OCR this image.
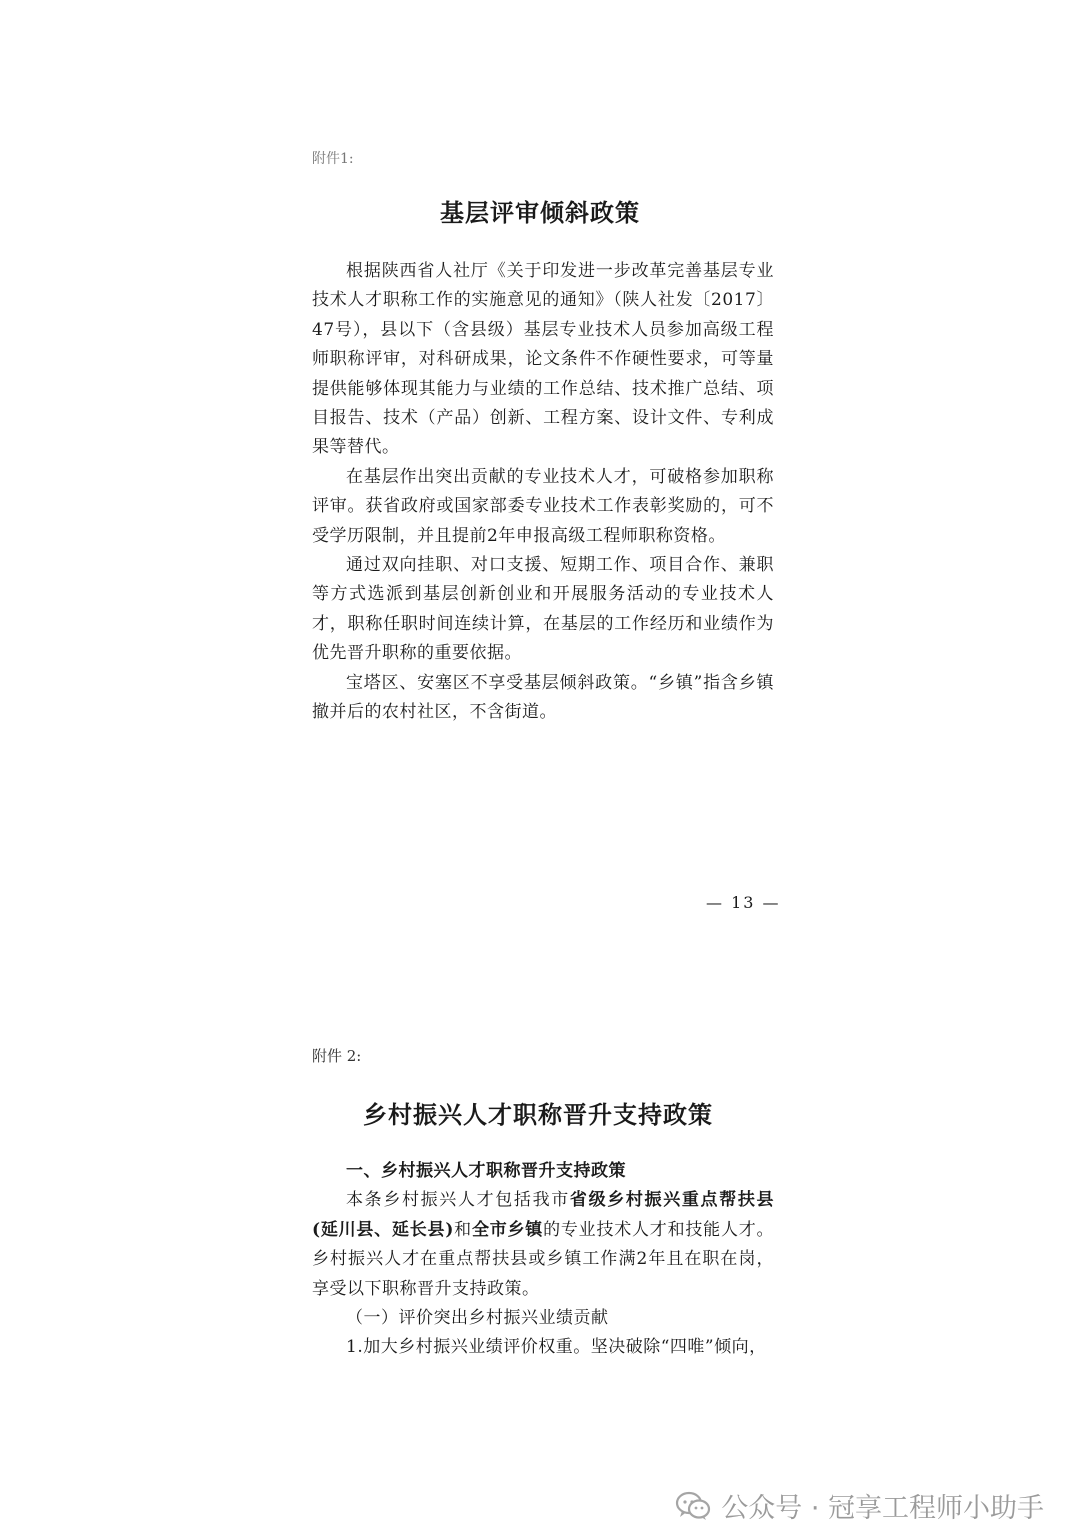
附件1:
基层评审倾斜政策

根据陕西省人社厅《关于印发进一步改革完善基层专业技术人才职称工作的实施意见的通知》（陕人社发〔2017〕47号），县以下（含县级）基层专业技术人员参加高级工程师职称评审，对科研成果，论文条件不作硬性要求，可等量提供能够体现其能力与业绩的工作总结、技术推广总结、项目报告、技术（产品）创新、工程方案、设计文件、专利成果等替代。

在基层作出突出贡献的专业技术人才，可破格参加职称评审。获省政府或国家部委专业技术工作表彰奖励的，可不受学历限制，并且提前2年申报高级工程师职称资格。

通过双向挂职、对口支援、短期工作、项目合作、兼职等方式选派到基层创新创业和开展服务活动的专业技术人才，职称任职时间连续计算，在基层的工作经历和业绩作为优先晋升职称的重要依据。

宝塔区、安塞区不享受基层倾斜政策。“乡镇”指含乡镇撤并后的农村社区，不含街道。

— 13 —
附件 2:
乡村振兴人才职称晋升支持政策

一、乡村振兴人才职称晋升支持政策

本条乡村振兴人才包括我市省级乡村振兴重点帮扶县(延川县、延长县)和全市乡镇的专业技术人才和技能人才。乡村振兴人才在重点帮扶县或乡镇工作满2年且在职在岗，享受以下职称晋升支持政策。

（一）评价突出乡村振兴业绩贡献

1.加大乡村振兴业绩评价权重。坚决破除“四唯”倾向，

公众号 · 冠享工程师小助手
